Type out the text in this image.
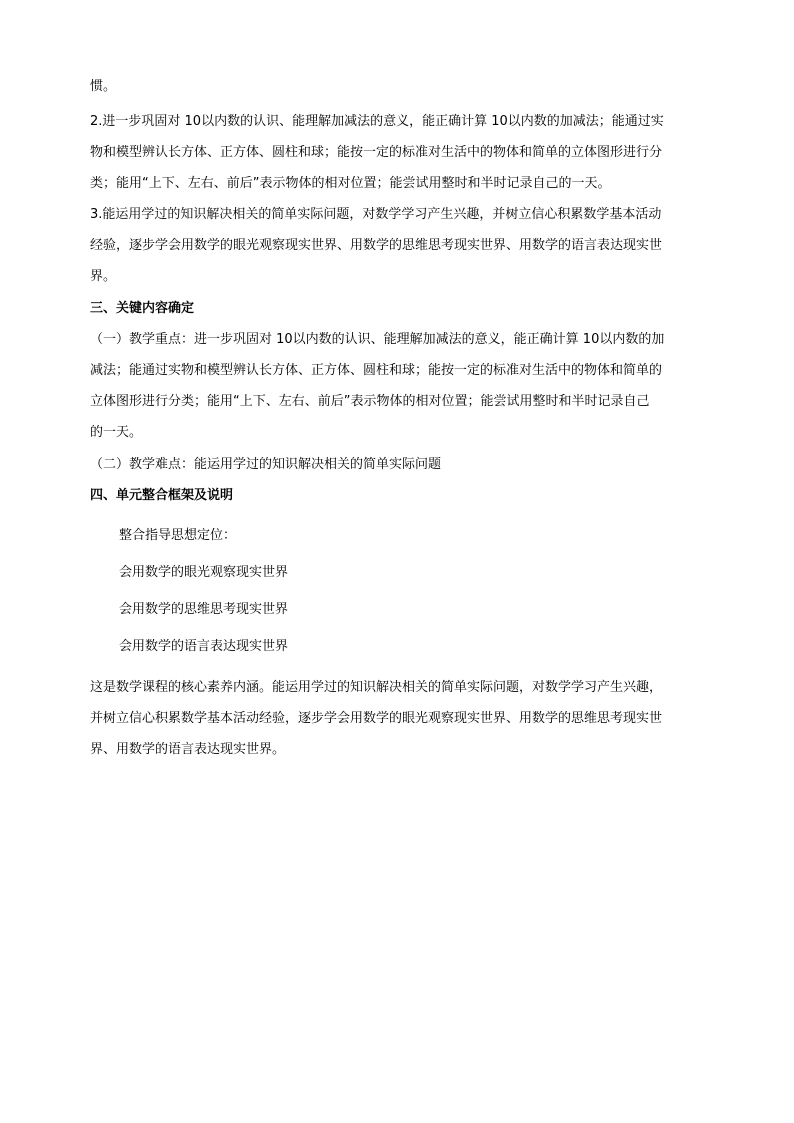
惯。
2.进一步巩固对 10以内数的认识、能理解加减法的意义，能正确计算 10以内数的加减法；能通过实
物和模型辨认长方体、正方体、圆柱和球；能按一定的标准对生活中的物体和简单的立体图形进行分
类；能用“上下、左右、前后”表示物体的相对位置；能尝试用整时和半时记录自己的一天。
3.能运用学过的知识解决相关的简单实际问题，对数学学习产生兴趣，并树立信心积累数学基本活动
经验，逐步学会用数学的眼光观察现实世界、用数学的思维思考现实世界、用数学的语言表达现实世
界。
三、关键内容确定
（一）教学重点：进一步巩固对 10以内数的认识、能理解加减法的意义，能正确计算 10以内数的加
减法；能通过实物和模型辨认长方体、正方体、圆柱和球；能按一定的标准对生活中的物体和简单的
立体图形进行分类；能用“上下、左右、前后”表示物体的相对位置；能尝试用整时和半时记录自己
的一天。
（二）教学难点：能运用学过的知识解决相关的简单实际问题
四、单元整合框架及说明
整合指导思想定位：
会用数学的眼光观察现实世界
会用数学的思维思考现实世界
会用数学的语言表达现实世界
这是数学课程的核心素养内涵。能运用学过的知识解决相关的简单实际问题，对数学学习产生兴趣，
并树立信心积累数学基本活动经验，逐步学会用数学的眼光观察现实世界、用数学的思维思考现实世
界、用数学的语言表达现实世界。
